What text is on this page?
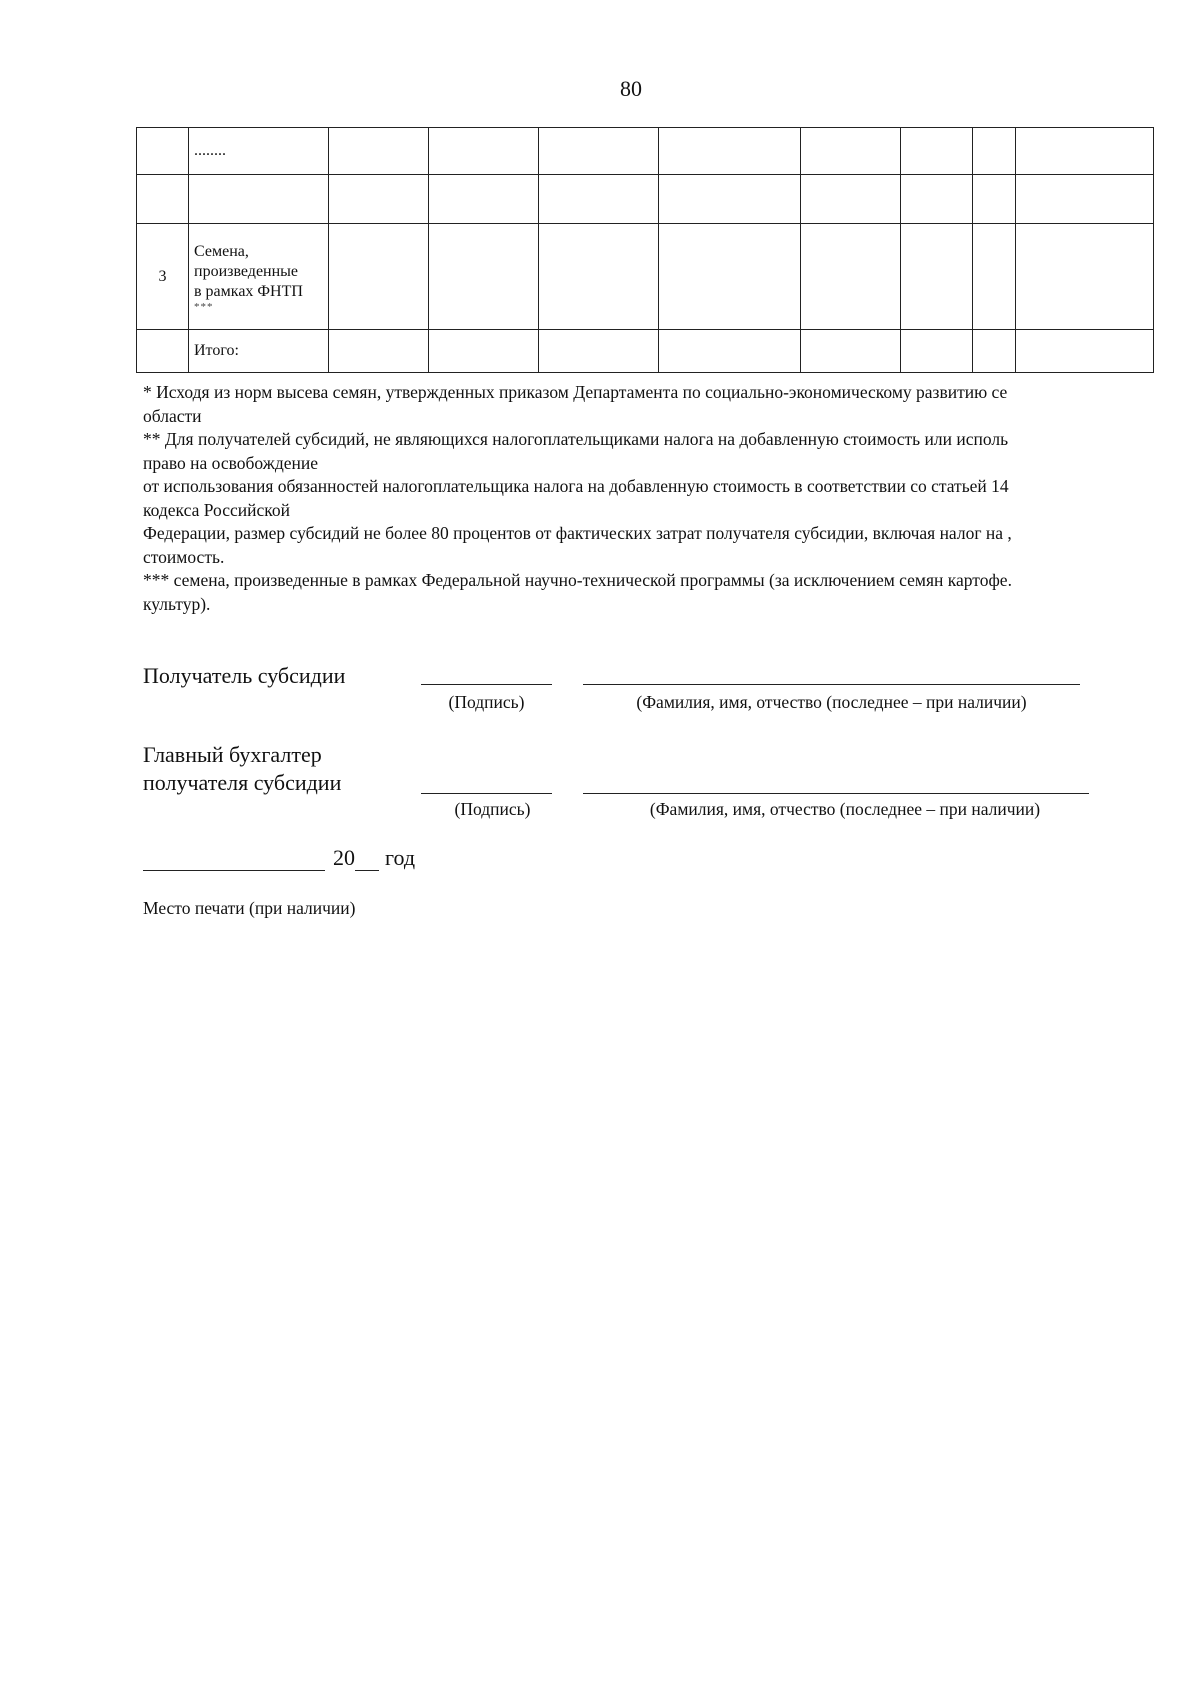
80
	........								

3	Семена,
произведенные
в рамках ФНТП
***								

	Итого:								
* Исходя из норм высева семян, утвержденных приказом Департамента по социально-экономическому развитию се
области
** Для получателей субсидий, не являющихся налогоплательщиками налога на добавленную стоимость или исполь
право на освобождение
от использования обязанностей налогоплательщика налога на добавленную стоимость в соответствии со статьей 14
кодекса Российской
Федерации, размер субсидий не более 80 процентов от фактических затрат получателя субсидии, включая налог на ,
стоимость.
*** семена, произведенные в рамках Федеральной научно-технической программы (за исключением семян картофе.
культур).
Получатель субсидии
(Подпись)	(Фамилия, имя, отчество (последнее – при наличии)
Главный бухгалтер
получателя субсидии
(Подпись)	(Фамилия, имя, отчество (последнее – при наличии)
20 год
Место печати (при наличии)
